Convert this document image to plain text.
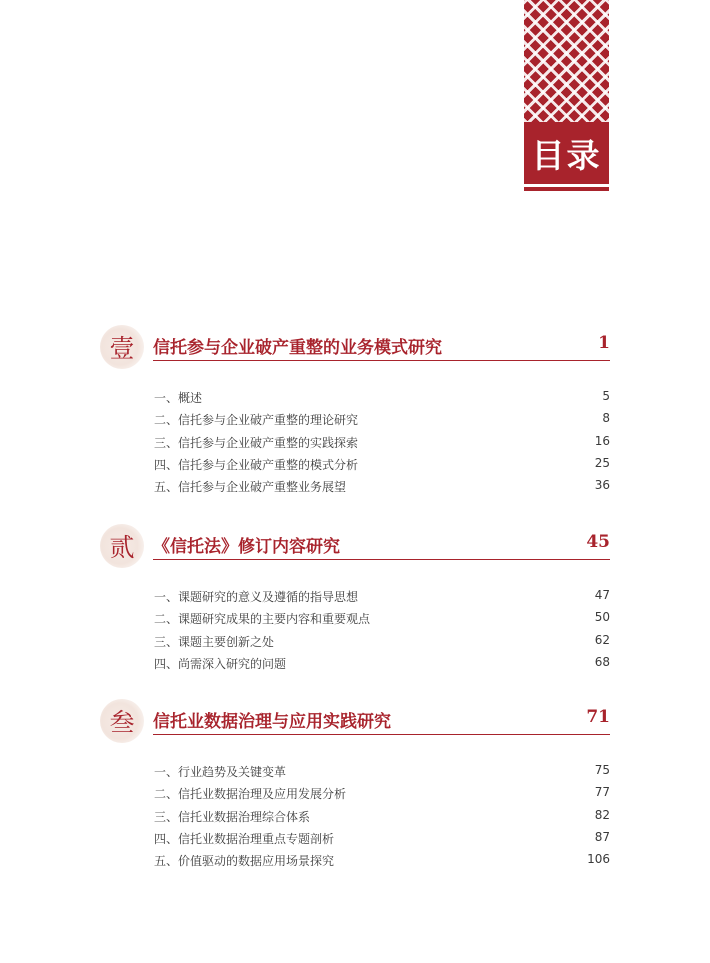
目录
壹	信托参与企业破产重整的业务模式研究	1
一、概述	5
二、信托参与企业破产重整的理论研究	8
三、信托参与企业破产重整的实践探索	16
四、信托参与企业破产重整的模式分析	25
五、信托参与企业破产重整业务展望	36
贰	《信托法》修订内容研究	45
一、课题研究的意义及遵循的指导思想	47
二、课题研究成果的主要内容和重要观点	50
三、课题主要创新之处	62
四、尚需深入研究的问题	68
叁	信托业数据治理与应用实践研究	71
一、行业趋势及关键变革	75
二、信托业数据治理及应用发展分析	77
三、信托业数据治理综合体系	82
四、信托业数据治理重点专题剖析	87
五、价值驱动的数据应用场景探究	106
